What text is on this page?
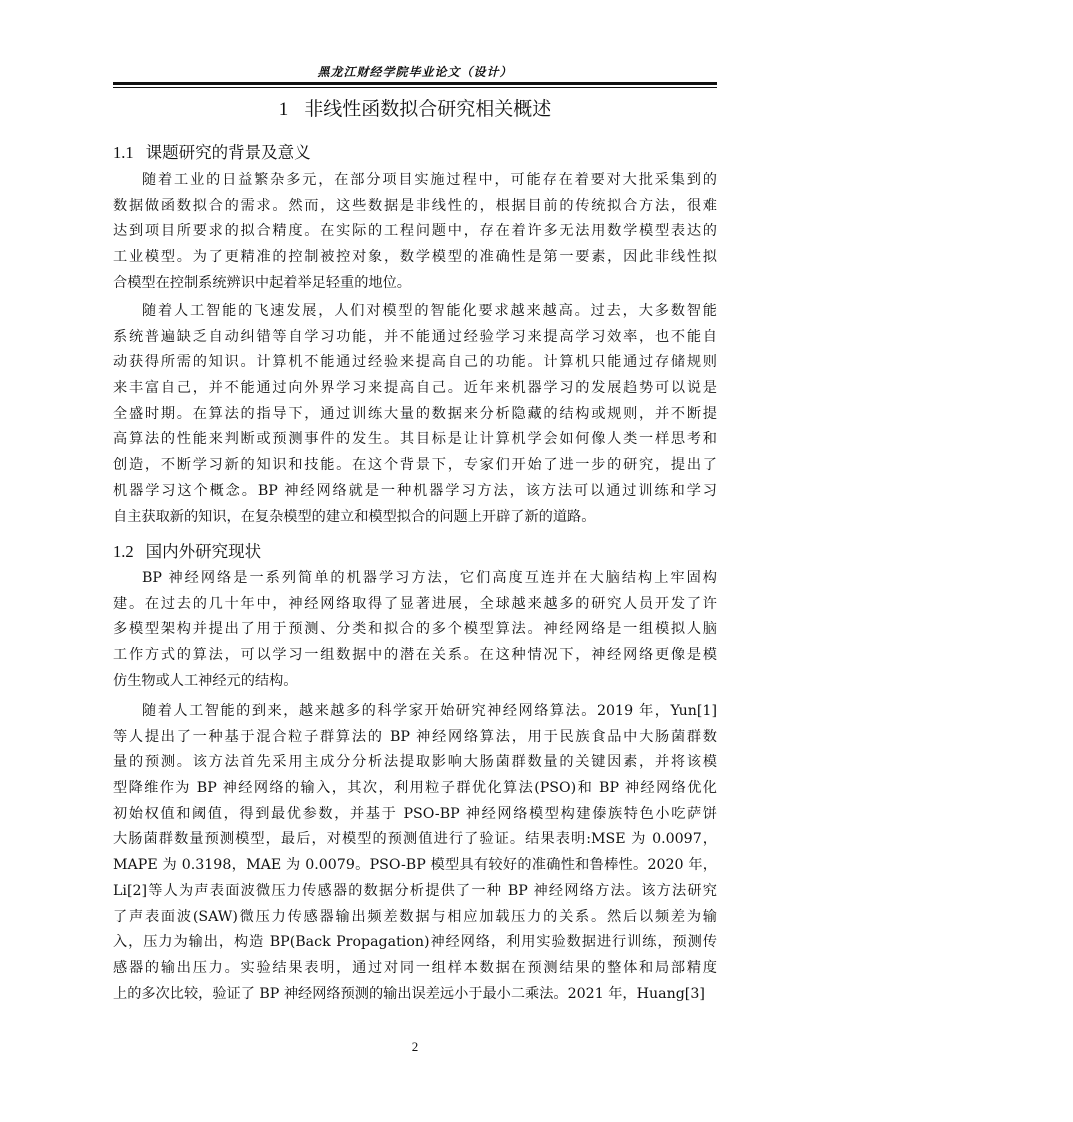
黑龙江财经学院毕业论文（设计）
1 非线性函数拟合研究相关概述
1.1 课题研究的背景及意义
随着工业的日益繁杂多元，在部分项目实施过程中，可能存在着要对大批采集到的
数据做函数拟合的需求。然而，这些数据是非线性的，根据目前的传统拟合方法，很难
达到项目所要求的拟合精度。在实际的工程问题中，存在着许多无法用数学模型表达的
工业模型。为了更精准的控制被控对象，数学模型的准确性是第一要素，因此非线性拟
合模型在控制系统辨识中起着举足轻重的地位。
随着人工智能的飞速发展，人们对模型的智能化要求越来越高。过去，大多数智能
系统普遍缺乏自动纠错等自学习功能，并不能通过经验学习来提高学习效率，也不能自
动获得所需的知识。计算机不能通过经验来提高自己的功能。计算机只能通过存储规则
来丰富自己，并不能通过向外界学习来提高自己。近年来机器学习的发展趋势可以说是
全盛时期。在算法的指导下，通过训练大量的数据来分析隐藏的结构或规则，并不断提
高算法的性能来判断或预测事件的发生。其目标是让计算机学会如何像人类一样思考和
创造，不断学习新的知识和技能。在这个背景下，专家们开始了进一步的研究，提出了
机器学习这个概念。BP 神经网络就是一种机器学习方法，该方法可以通过训练和学习
自主获取新的知识，在复杂模型的建立和模型拟合的问题上开辟了新的道路。
1.2 国内外研究现状
BP 神经网络是一系列简单的机器学习方法，它们高度互连并在大脑结构上牢固构
建。在过去的几十年中，神经网络取得了显著进展，全球越来越多的研究人员开发了许
多模型架构并提出了用于预测、分类和拟合的多个模型算法。神经网络是一组模拟人脑
工作方式的算法，可以学习一组数据中的潜在关系。在这种情况下，神经网络更像是模
仿生物或人工神经元的结构。
随着人工智能的到来，越来越多的科学家开始研究神经网络算法。2019 年，Yun[1]
等人提出了一种基于混合粒子群算法的 BP 神经网络算法，用于民族食品中大肠菌群数
量的预测。该方法首先采用主成分分析法提取影响大肠菌群数量的关键因素，并将该模
型降维作为 BP 神经网络的输入，其次，利用粒子群优化算法(PSO)和 BP 神经网络优化
初始权值和阈值，得到最优参数，并基于 PSO-BP 神经网络模型构建傣族特色小吃萨饼
大肠菌群数量预测模型，最后，对模型的预测值进行了验证。结果表明:MSE 为 0.0097，
MAPE 为 0.3198，MAE 为 0.0079。PSO-BP 模型具有较好的准确性和鲁棒性。2020 年，
Li[2]等人为声表面波微压力传感器的数据分析提供了一种 BP 神经网络方法。该方法研究
了声表面波(SAW)微压力传感器输出频差数据与相应加载压力的关系。然后以频差为输
入，压力为输出，构造 BP(Back Propagation)神经网络，利用实验数据进行训练，预测传
感器的输出压力。实验结果表明，通过对同一组样本数据在预测结果的整体和局部精度
上的多次比较，验证了 BP 神经网络预测的输出误差远小于最小二乘法。2021 年，Huang[3]
2
